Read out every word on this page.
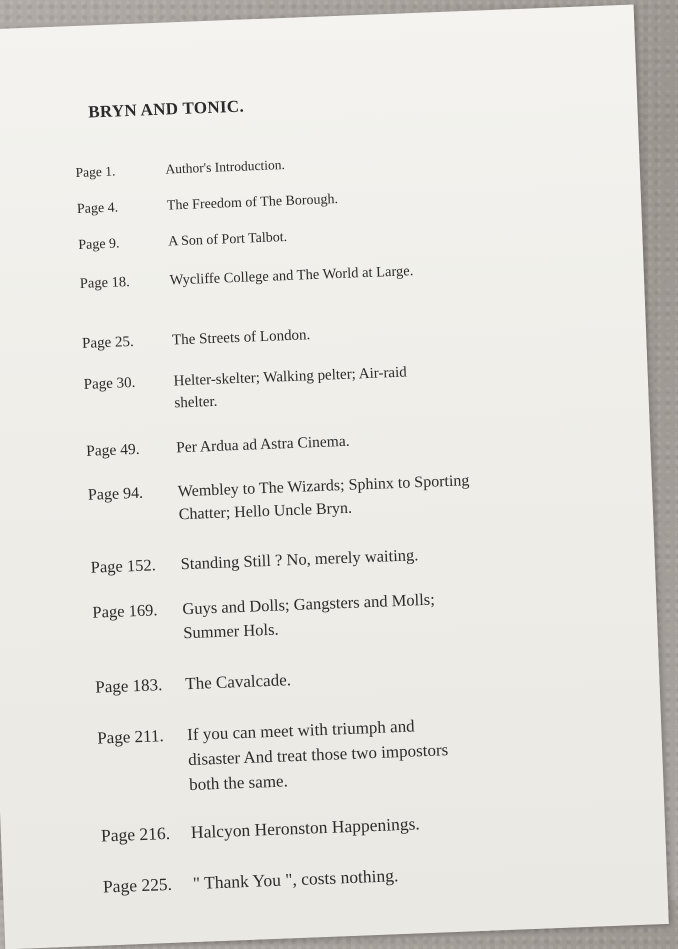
BRYN AND TONIC.
Page 1.	Author's Introduction.
Page 4.	The Freedom of The Borough.
Page 9.	A Son of Port Talbot.
Page 18.	Wycliffe College and The World at Large.
Page 25.	The Streets of London.
Page 30.	Helter-skelter; Walking pelter; Air-raid shelter.
Page 49.	Per Ardua ad Astra Cinema.
Page 94.	Wembley to The Wizards; Sphinx to Sporting Chatter; Hello Uncle Bryn.
Page 152.	Standing Still ? No, merely waiting.
Page 169.	Guys and Dolls; Gangsters and Molls; Summer Hols.
Page 183.	The Cavalcade.
Page 211.	If you can meet with triumph and disaster And treat those two impostors both the same.
Page 216.	Halcyon Heronston Happenings.
Page 225.	" Thank You ", costs nothing.
